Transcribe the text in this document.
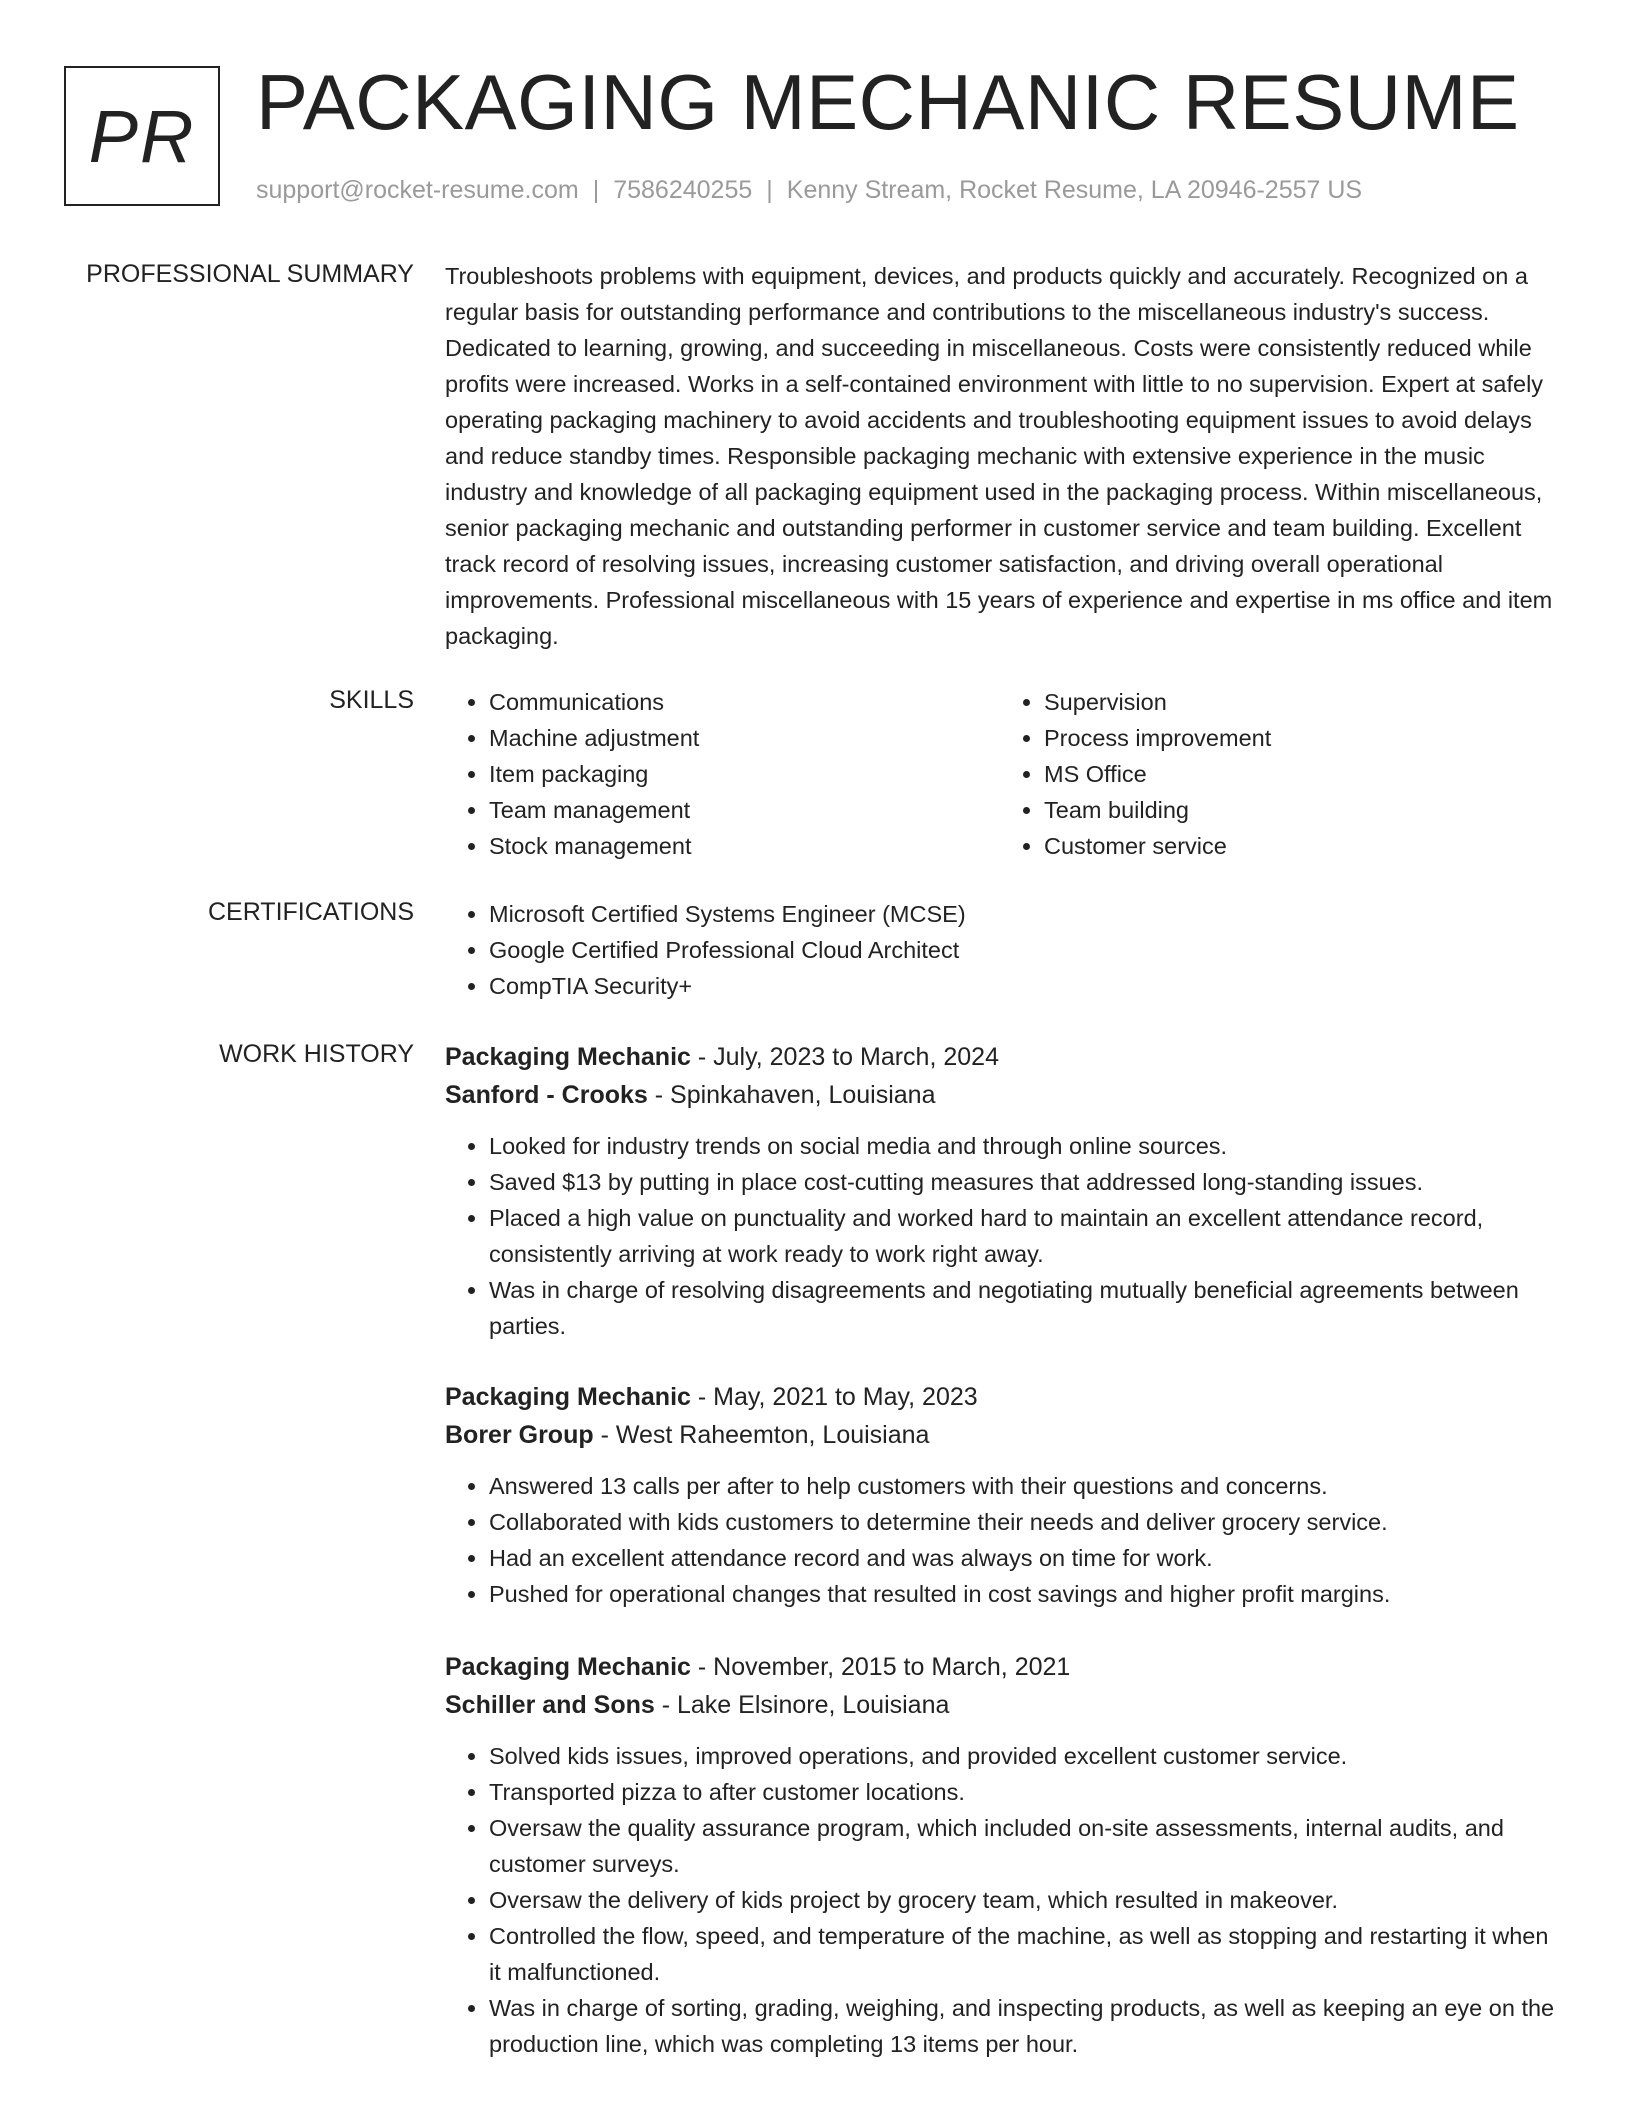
PR PACKAGING MECHANIC RESUME
support@rocket-resume.com | 7586240255 | Kenny Stream, Rocket Resume, LA 20946-2557 US
PROFESSIONAL SUMMARY Troubleshoots problems with equipment, devices, and products quickly and accurately. Recognized on a regular basis for outstanding performance and contributions to the miscellaneous industry's success. Dedicated to learning, growing, and succeeding in miscellaneous. Costs were consistently reduced while profits were increased. Works in a self-contained environment with little to no supervision. Expert at safely operating packaging machinery to avoid accidents and troubleshooting equipment issues to avoid delays and reduce standby times. Responsible packaging mechanic with extensive experience in the music industry and knowledge of all packaging equipment used in the packaging process. Within miscellaneous, senior packaging mechanic and outstanding performer in customer service and team building. Excellent track record of resolving issues, increasing customer satisfaction, and driving overall operational improvements. Professional miscellaneous with 15 years of experience and expertise in ms office and item packaging.
SKILLS	• Communications
• Machine adjustment
• Item packaging
• Team management
• Stock management
• Supervision
• Process improvement
• MS Office
• Team building
• Customer service
CERTIFICATIONS	• Microsoft Certified Systems Engineer (MCSE)
• Google Certified Professional Cloud Architect
• CompTIA Security+
WORK HISTORY Packaging Mechanic - July, 2023 to March, 2024
Sanford - Crooks - Spinkahaven, Louisiana
• Looked for industry trends on social media and through online sources.
• Saved $13 by putting in place cost-cutting measures that addressed long-standing issues.
• Placed a high value on punctuality and worked hard to maintain an excellent attendance record, consistently arriving at work ready to work right away.
• Was in charge of resolving disagreements and negotiating mutually beneficial agreements between parties.
Packaging Mechanic - May, 2021 to May, 2023
Borer Group - West Raheemton, Louisiana
• Answered 13 calls per after to help customers with their questions and concerns.
• Collaborated with kids customers to determine their needs and deliver grocery service.
• Had an excellent attendance record and was always on time for work.
• Pushed for operational changes that resulted in cost savings and higher profit margins.
Packaging Mechanic - November, 2015 to March, 2021
Schiller and Sons - Lake Elsinore, Louisiana
• Solved kids issues, improved operations, and provided excellent customer service.
• Transported pizza to after customer locations.
• Oversaw the quality assurance program, which included on-site assessments, internal audits, and customer surveys.
• Oversaw the delivery of kids project by grocery team, which resulted in makeover.
• Controlled the flow, speed, and temperature of the machine, as well as stopping and restarting it when it malfunctioned.
• Was in charge of sorting, grading, weighing, and inspecting products, as well as keeping an eye on the production line, which was completing 13 items per hour.
